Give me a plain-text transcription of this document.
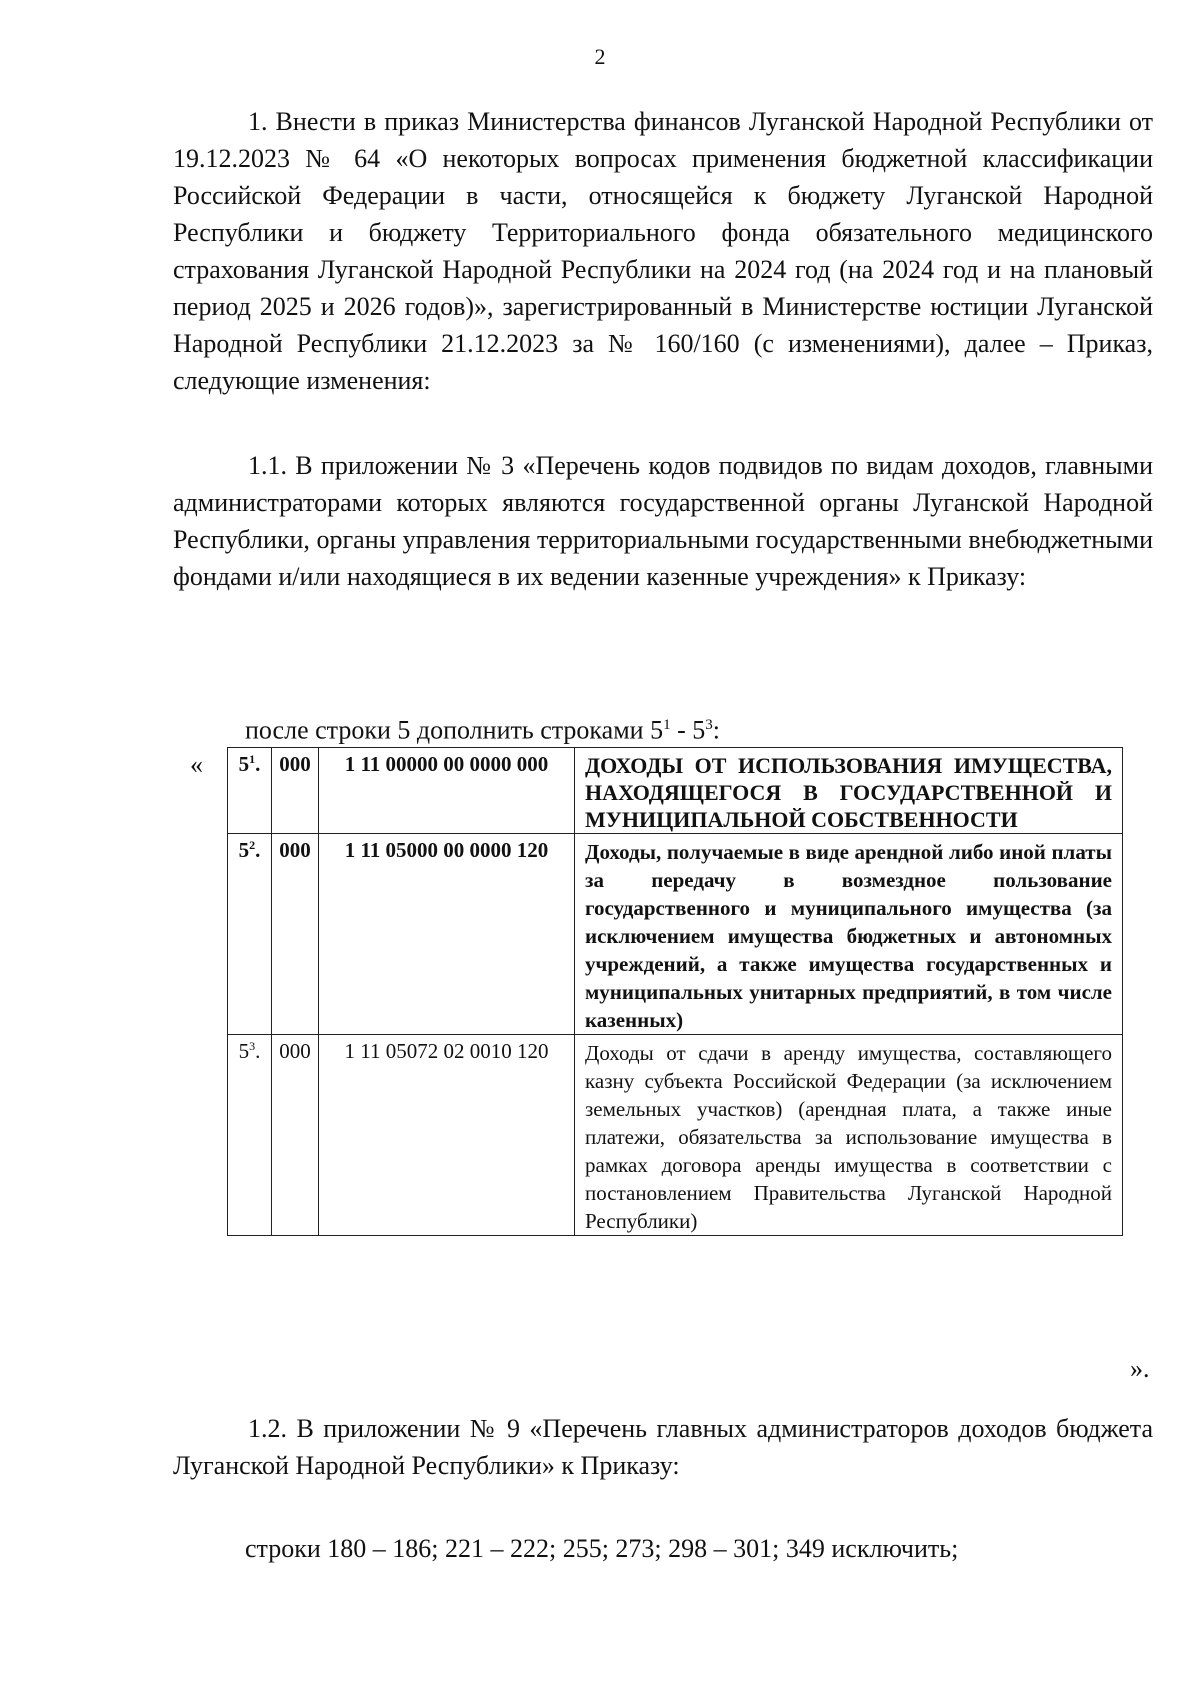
2
1. Внести в приказ Министерства финансов Луганской Народной Республики от 19.12.2023 № 64 «О некоторых вопросах применения бюджетной классификации Российской Федерации в части, относящейся к бюджету Луганской Народной Республики и бюджету Территориального фонда обязательного медицинского страхования Луганской Народной Республики на 2024 год (на 2024 год и на плановый период 2025 и 2026 годов)», зарегистрированный в Министерстве юстиции Луганской Народной Республики 21.12.2023 за № 160/160 (с изменениями), далее – Приказ, следующие изменения:
1.1. В приложении № 3 «Перечень кодов подвидов по видам доходов, главными администраторами которых являются государственной органы Луганской Народной Республики, органы управления территориальными государственными внебюджетными фондами и/или находящиеся в их ведении казенные учреждения» к Приказу:
после строки 5 дополнить строками $5^1 - 5^3$:
« $5^1$.	000	1 11 00000 00 0000 000	ДОХОДЫ ОТ ИСПОЛЬЗОВАНИЯ ИМУЩЕСТВА, НАХОДЯЩЕГОСЯ В ГОСУДАРСТВЕННОЙ И МУНИЦИПАЛЬНОЙ СОБСТВЕННОСТИ
$5^2$.	000	1 11 05000 00 0000 120	Доходы, получаемые в виде арендной либо иной платы за передачу в возмездное пользование государственного и муниципального имущества (за исключением имущества бюджетных и автономных учреждений, а также имущества государственных и муниципальных унитарных предприятий, в том числе казенных)
$5^3$.	000	1 11 05072 02 0010 120	Доходы от сдачи в аренду имущества, составляющего казну субъекта Российской Федерации (за исключением земельных участков) (арендная плата, а также иные платежи, обязательства за использование имущества в рамках договора аренды имущества в соответствии с постановлением Правительства Луганской Народной Республики)
».
1.2. В приложении № 9 «Перечень главных администраторов доходов бюджета Луганской Народной Республики» к Приказу:
строки 180 – 186; 221 – 222; 255; 273; 298 – 301; 349 исключить;
